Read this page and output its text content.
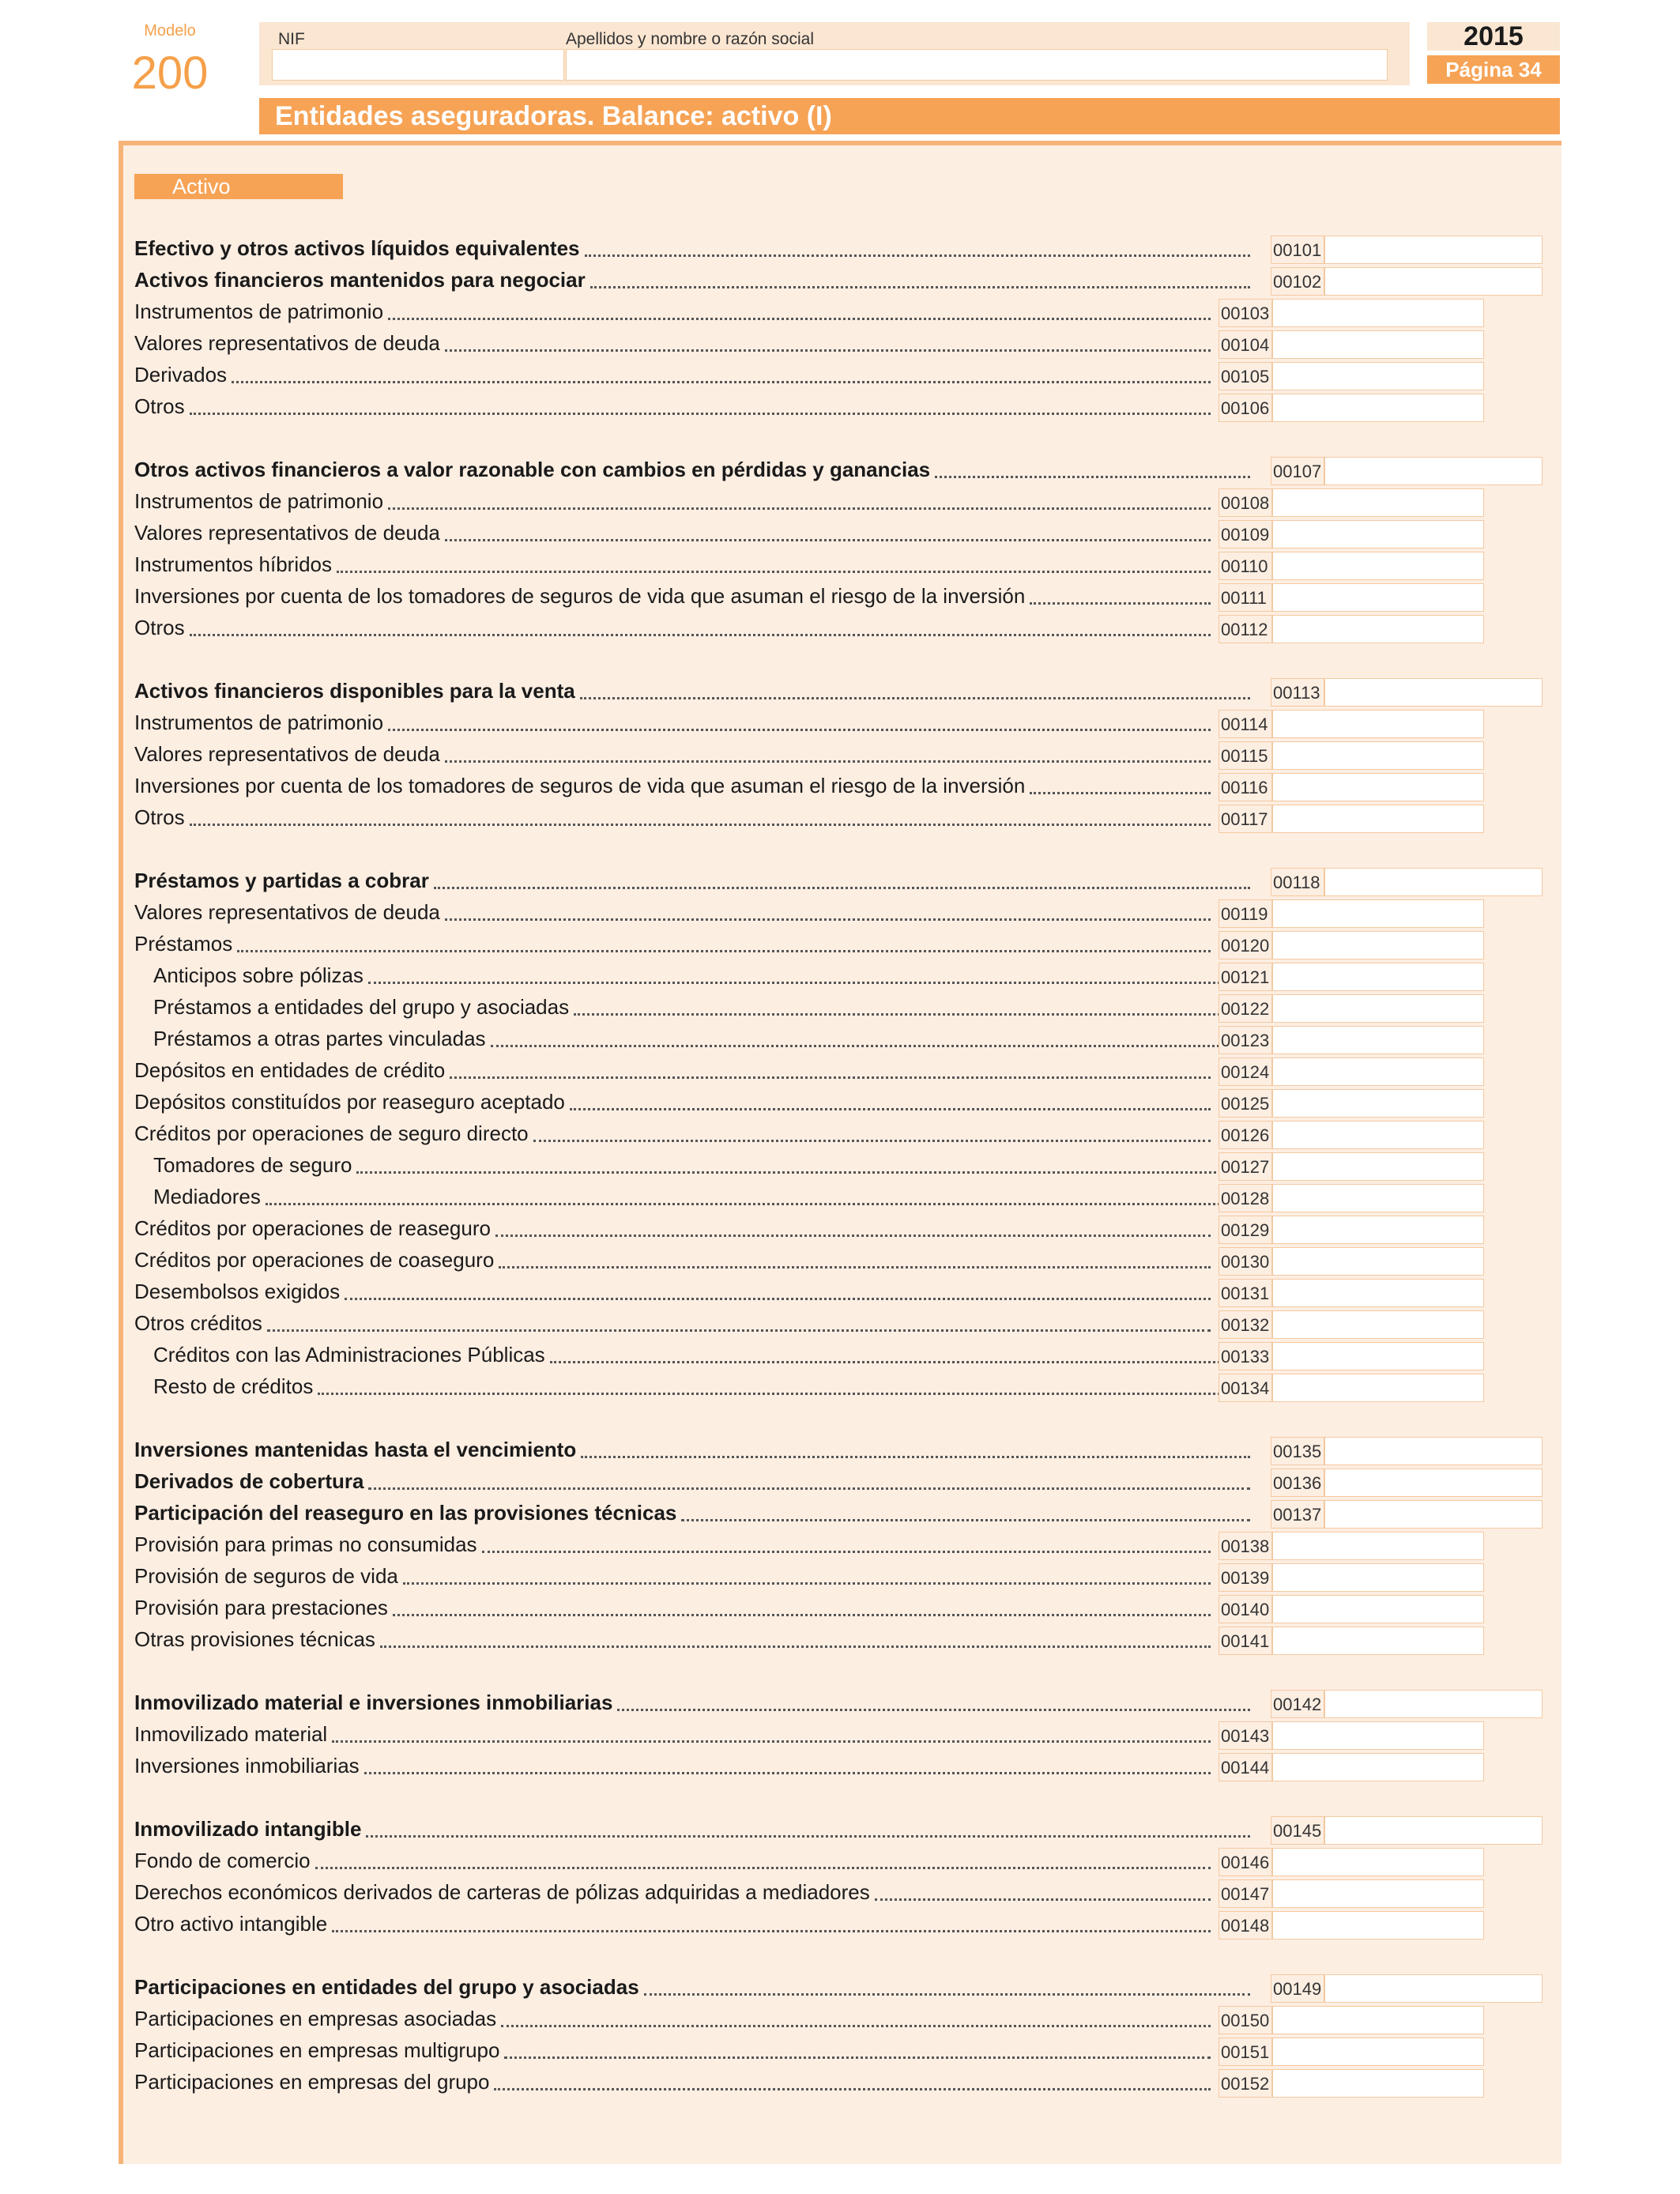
Modelo
200
NIF	Apellidos y nombre o razón social	2015
Página 34
Entidades aseguradoras. Balance: activo (I)
Activo
Efectivo y otros activos líquidos equivalentes	00101
Activos financieros mantenidos para negociar	00102
Instrumentos de patrimonio	00103
Valores representativos de deuda	00104
Derivados	00105
Otros	00106
Otros activos financieros a valor razonable con cambios en pérdidas y ganancias	00107
Instrumentos de patrimonio	00108
Valores representativos de deuda	00109
Instrumentos híbridos	00110
Inversiones por cuenta de los tomadores de seguros de vida que asuman el riesgo de la inversión	00111
Otros	00112
Activos financieros disponibles para la venta	00113
Instrumentos de patrimonio	00114
Valores representativos de deuda	00115
Inversiones por cuenta de los tomadores de seguros de vida que asuman el riesgo de la inversión	00116
Otros	00117
Préstamos y partidas a cobrar	00118
Valores representativos de deuda	00119
Préstamos	00120
Anticipos sobre pólizas	00121
Préstamos a entidades del grupo y asociadas	00122
Préstamos a otras partes vinculadas	00123
Depósitos en entidades de crédito	00124
Depósitos constituídos por reaseguro aceptado	00125
Créditos por operaciones de seguro directo	00126
Tomadores de seguro	00127
Mediadores	00128
Créditos por operaciones de reaseguro	00129
Créditos por operaciones de coaseguro	00130
Desembolsos exigidos	00131
Otros créditos	00132
Créditos con las Administraciones Públicas	00133
Resto de créditos	00134
Inversiones mantenidas hasta el vencimiento	00135
Derivados de cobertura	00136
Participación del reaseguro en las provisiones técnicas	00137
Provisión para primas no consumidas	00138
Provisión de seguros de vida	00139
Provisión para prestaciones	00140
Otras provisiones técnicas	00141
Inmovilizado material e inversiones inmobiliarias	00142
Inmovilizado material	00143
Inversiones inmobiliarias	00144
Inmovilizado intangible	00145
Fondo de comercio	00146
Derechos económicos derivados de carteras de pólizas adquiridas a mediadores	00147
Otro activo intangible	00148
Participaciones en entidades del grupo y asociadas	00149
Participaciones en empresas asociadas	00150
Participaciones en empresas multigrupo	00151
Participaciones en empresas del grupo	00152
